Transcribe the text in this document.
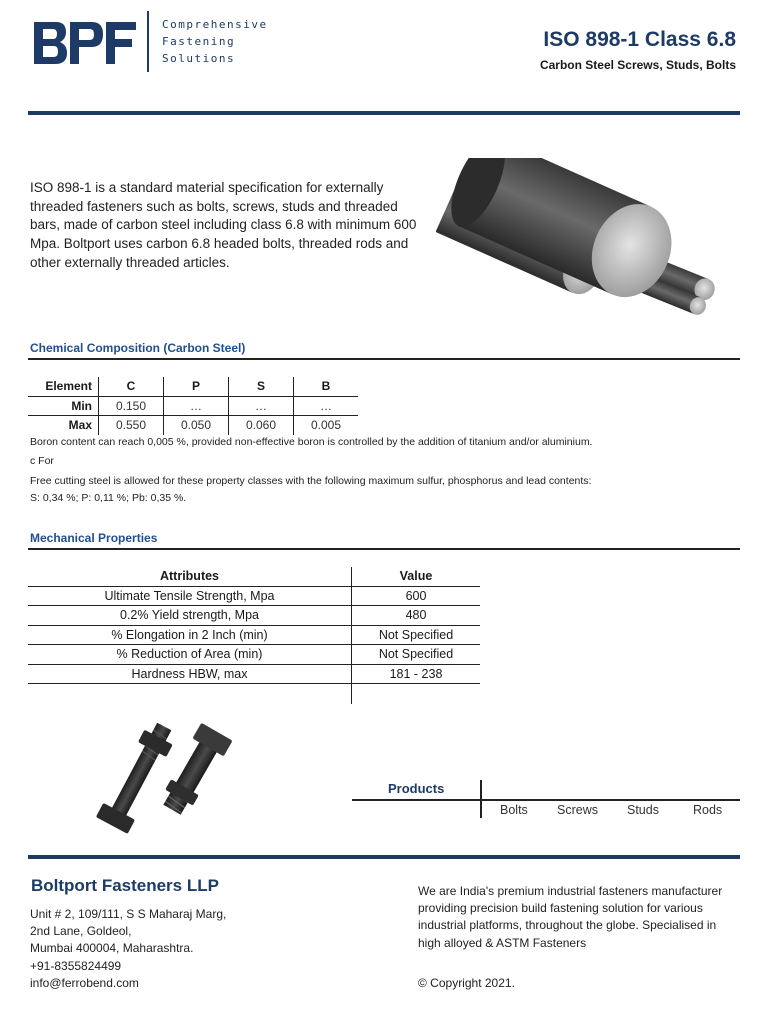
Comprehensive
Fastening
Solutions
ISO 898-1 Class 6.8
Carbon Steel Screws, Studs, Bolts
ISO 898-1 is a standard material specification for externally threaded fasteners such as bolts, screws, studs and threaded bars, made of carbon steel including class 6.8 with minimum 600 Mpa. Boltport uses carbon 6.8 headed bolts, threaded rods and other externally threaded articles.
Chemical Composition (Carbon Steel)
Element	C	P	S	B
Min	0.150	…	…	…
Max	0.550	0.050	0.060	0.005
Boron content can reach 0,005 %, provided non-effective boron is controlled by the addition of titanium and/or aluminium.
c For
Free cutting steel is allowed for these property classes with the following maximum sulfur, phosphorus and lead contents:
S: 0,34 %; P: 0,11 %; Pb: 0,35 %.
Mechanical Properties
Attributes	Value
Ultimate Tensile Strength, Mpa	600
0.2% Yield strength, Mpa	480
% Elongation in 2 Inch (min)	Not Specified
% Reduction of Area (min)	Not Specified
Hardness HBW, max	181 - 238

Products
Bolts Screws Studs	Rods
Boltport Fasteners LLP
Unit # 2, 109/111, S S Maharaj Marg,
2nd Lane, Goldeol,
Mumbai 400004, Maharashtra.
+91-8355824499
info@ferrobend.com
We are India's premium industrial fasteners manufacturer providing precision build fastening solution for various industrial platforms, throughout the globe. Specialised in high alloyed & ASTM Fasteners
© Copyright 2021.
